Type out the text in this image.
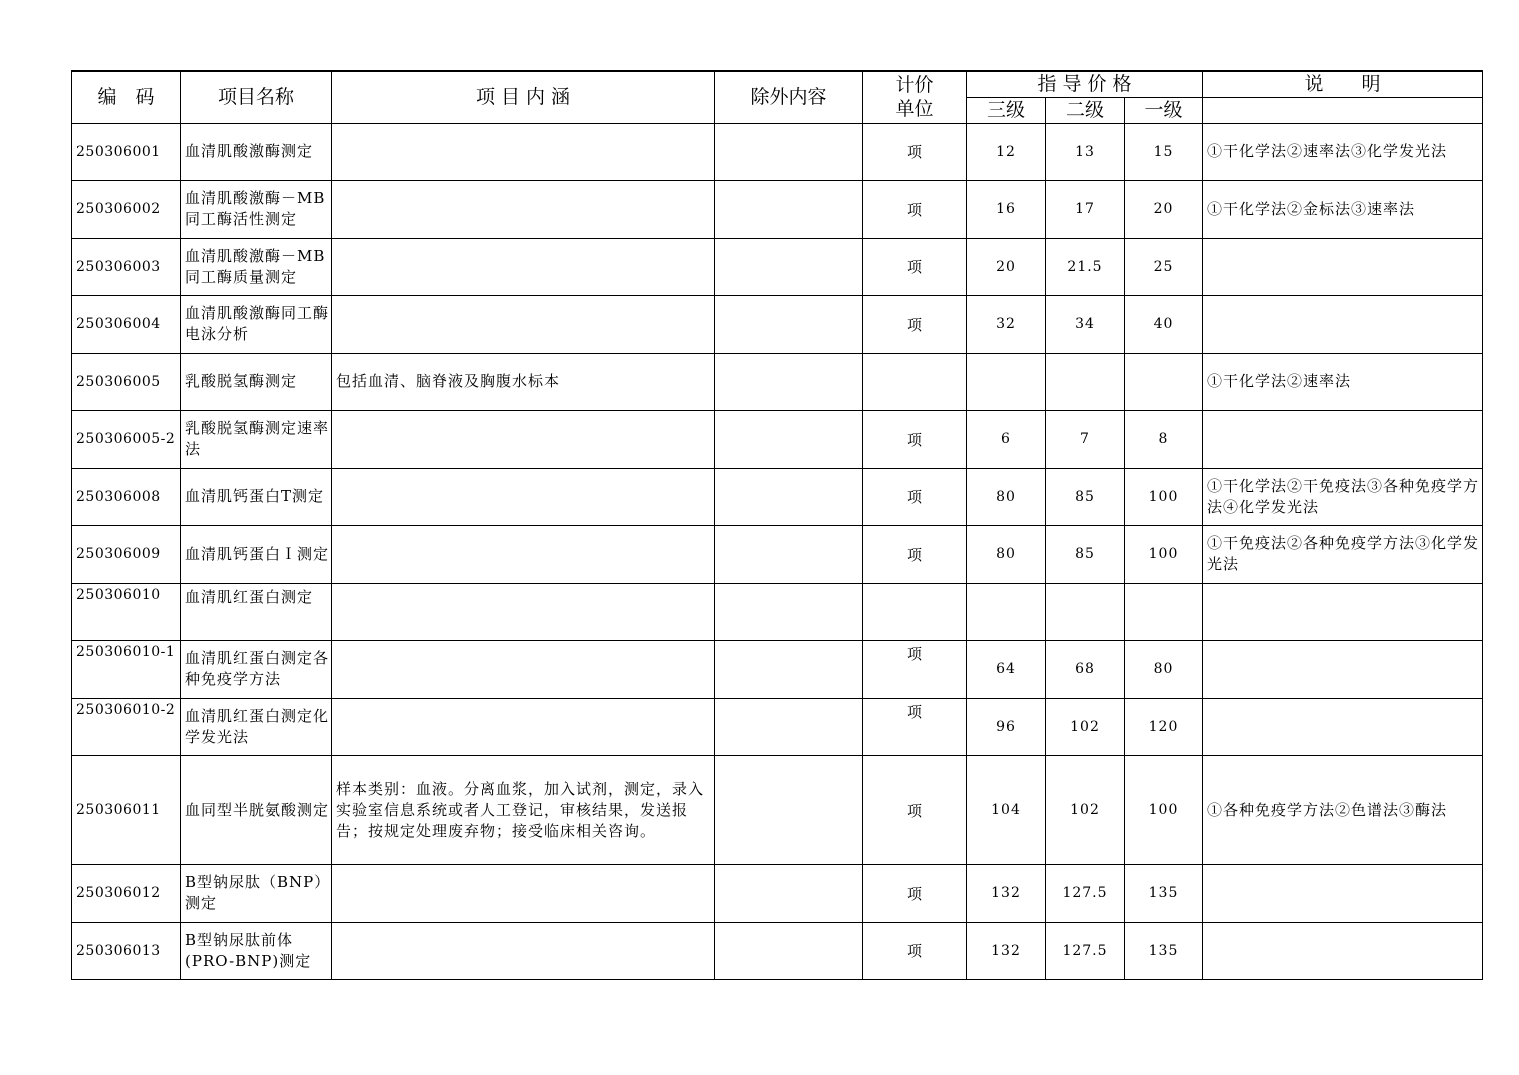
编　码	项目名称	项 目 内 涵	除外内容	计价单位	指 导 价 格			说　　明
					三级	二级	一级	
250306001	血清肌酸激酶测定			项	12	13	15	①干化学法②速率法③化学发光法
250306002	血清肌酸激酶－MB同工酶活性测定			项	16	17	20	①干化学法②金标法③速率法
250306003	血清肌酸激酶－MB同工酶质量测定			项	20	21.5	25	
250306004	血清肌酸激酶同工酶电泳分析			项	32	34	40	
250306005	乳酸脱氢酶测定	包括血清、脑脊液及胸腹水标本						①干化学法②速率法
250306005-2	乳酸脱氢酶测定速率法			项	6	7	8	
250306008	血清肌钙蛋白T测定			项	80	85	100	①干化学法②干免疫法③各种免疫学方法④化学发光法
250306009	血清肌钙蛋白Ｉ测定			项	80	85	100	①干免疫法②各种免疫学方法③化学发光法
250306010	血清肌红蛋白测定							
250306010-1	血清肌红蛋白测定各种免疫学方法			项	64	68	80	
250306010-2	血清肌红蛋白测定化学发光法			项	96	102	120	
250306011	血同型半胱氨酸测定	样本类别：血液。分离血浆，加入试剂，测定，录入实验室信息系统或者人工登记，审核结果，发送报告；按规定处理废弃物；接受临床相关咨询。		项	104	102	100	①各种免疫学方法②色谱法③酶法
250306012	B型钠尿肽（BNP）测定			项	132	127.5	135	
250306013	B型钠尿肽前体(PRO-BNP)测定			项	132	127.5	135	
